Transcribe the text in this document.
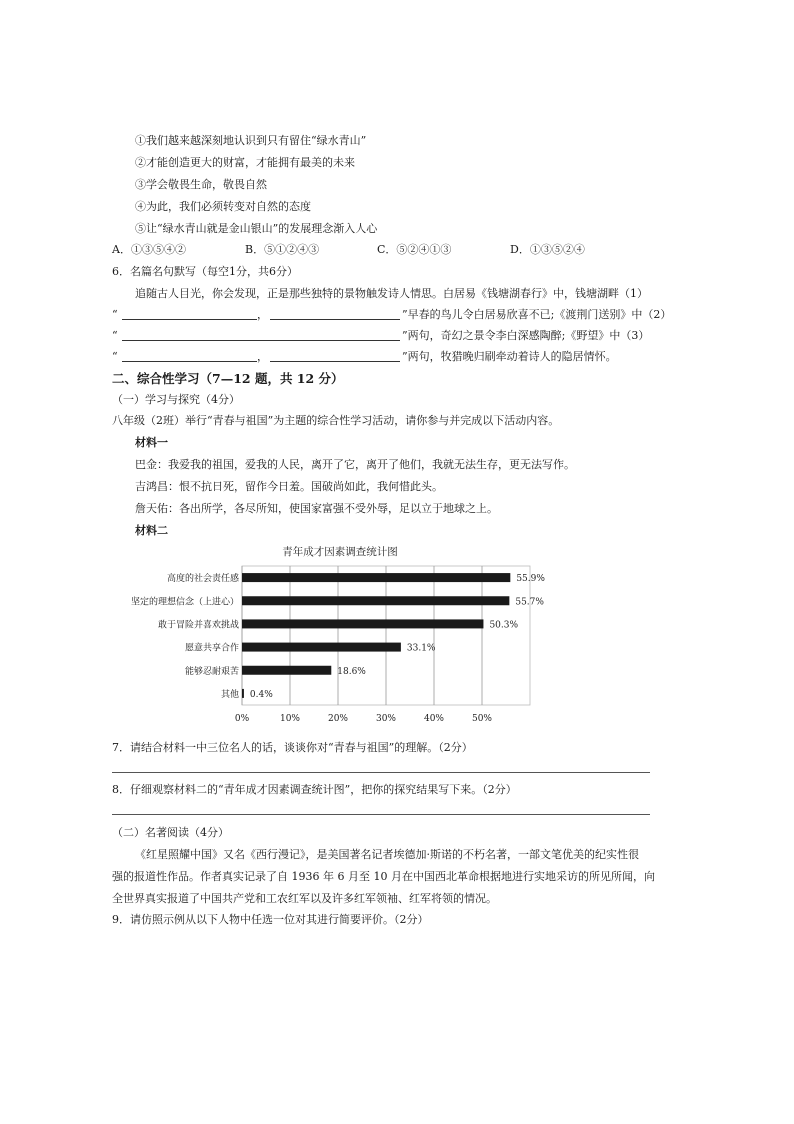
①我们越来越深刻地认识到只有留住“绿水青山”
②才能创造更大的财富，才能拥有最美的未来
③学会敬畏生命，敬畏自然
④为此，我们必须转变对自然的态度
⑤让“绿水青山就是金山银山”的发展理念渐入人心
A．①③⑤④②	B．⑤①②④③	C．⑤②④①③	D．①③⑤②④
6．名篇名句默写（每空1分，共6分）
追随古人目光，你会发现，正是那些独特的景物触发诗人情思。白居易《钱塘湖春行》中，钱塘湖畔（1）
“	，	”早春的鸟儿令白居易欣喜不已;《渡荆门送别》中（2）
“	”两句，奇幻之景令李白深感陶醉;《野望》中（3）
“	，	”两句，牧猎晚归刷牵动着诗人的隐居情怀。
二、综合性学习（7—12 题，共 12 分）
（一）学习与探究（4分）
八年级（2班）举行“青春与祖国”为主题的综合性学习活动，请你参与并完成以下活动内容。
材料一
巴金：我爱我的祖国，爱我的人民，离开了它，离开了他们，我就无法生存，更无法写作。
吉鸿昌：恨不抗日死，留作今日羞。国破尚如此，我何惜此头。
詹天佑：各出所学，各尽所知，使国家富强不受外辱，足以立于地球之上。
材料二
青年成才因素调查统计图
0%	10%	20%	30%	40%	50%
高度的社会责任感	55.9%
坚定的理想信念（上进心）	55.7%
敢于冒险并喜欢挑战	50.3%
愿意共享合作	33.1%
能够忍耐艰苦	18.6%
其他 0.4%
7．请结合材料一中三位名人的话，谈谈你对“青春与祖国”的理解。（2分）
8．仔细观察材料二的“青年成才因素调查统计图”，把你的探究结果写下来。（2分）
（二）名著阅读（4分）
《红星照耀中国》又名《西行漫记》，是美国著名记者埃德加·斯诺的不朽名著，一部文笔优美的纪实性很
强的报道性作品。作者真实记录了自 1936 年 6 月至 10 月在中国西北革命根据地进行实地采访的所见所闻，向
全世界真实报道了中国共产党和工农红军以及许多红军领袖、红军将领的情况。
9．请仿照示例从以下人物中任选一位对其进行简要评价。（2分）
